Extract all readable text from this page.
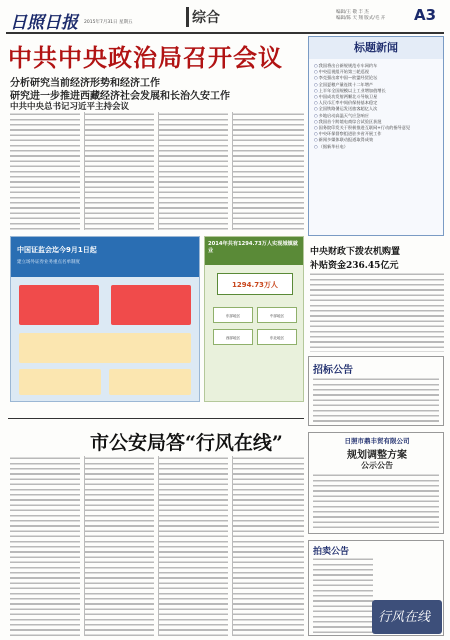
日照日报 2015年7月31日 星期五	综合	编辑/王 敬 丰 杰
编辑/陈 天 翔 版式/毛 卉 A3
中共中央政治局召开会议
分析研究当前经济形势和经济工作
研究进一步推进西藏经济社会发展和长治久安工作
中共中央总书记习近平主持会议
标题新闻
○ 我国将出台新规规范专车网约车
○ 中央巡视组开始第三轮巡视
○ 李克强出席中国—欧盟经贸论坛
○ 全国夏粮产量连续十二年增产
○ 上半年全国规模以上工业增加值增长
○ 中国成功发射两颗北斗导航卫星
○ 人民币汇率中间价保持基本稳定
○ 全国铁路暑运发送旅客超亿人次
○ 多地启动高温天气应急响应
○ 我国首个跨境电商综合试验区获批
○ 国务院印发关于积极推进互联网+行动的指导意见
○ 中央环保督察组进驻多省开展工作
○ 新闻多媒体联动报道取得成效
○ （据新华社电）
中央财政下拨农机购置
补贴资金236.45亿元
中国证监会迄今9月1日起
建立场外证券业务重点名单制度
2014年共有1294.73万人实现城镇就业
1294.73万人
东部地区	中部地区
西部地区	东北地区
市公安局答“行风在线”
招标公告
日照市鼎丰贸有限公司
规划调整方案
公示公告
拍卖公告
行风在线
